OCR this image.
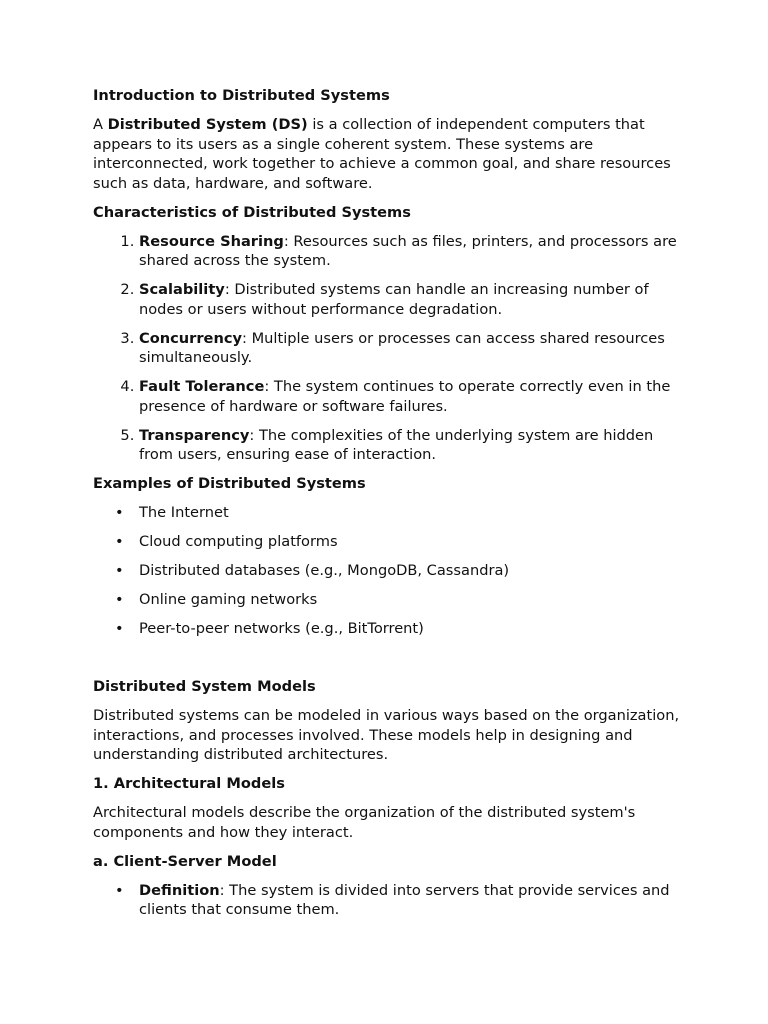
Introduction to Distributed Systems

A Distributed System (DS) is a collection of independent computers that appears to its users as a single coherent system. These systems are interconnected, work together to achieve a common goal, and share resources such as data, hardware, and software.

Characteristics of Distributed Systems

1. Resource Sharing: Resources such as files, printers, and processors are shared across the system.
2. Scalability: Distributed systems can handle an increasing number of nodes or users without performance degradation.
3. Concurrency: Multiple users or processes can access shared resources simultaneously.
4. Fault Tolerance: The system continues to operate correctly even in the presence of hardware or software failures.
5. Transparency: The complexities of the underlying system are hidden from users, ensuring ease of interaction.

Examples of Distributed Systems

• The Internet
• Cloud computing platforms
• Distributed databases (e.g., MongoDB, Cassandra)
• Online gaming networks
• Peer-to-peer networks (e.g., BitTorrent)

Distributed System Models

Distributed systems can be modeled in various ways based on the organization, interactions, and processes involved. These models help in designing and understanding distributed architectures.

1. Architectural Models

Architectural models describe the organization of the distributed system's components and how they interact.

a. Client-Server Model

• Definition: The system is divided into servers that provide services and clients that consume them.
